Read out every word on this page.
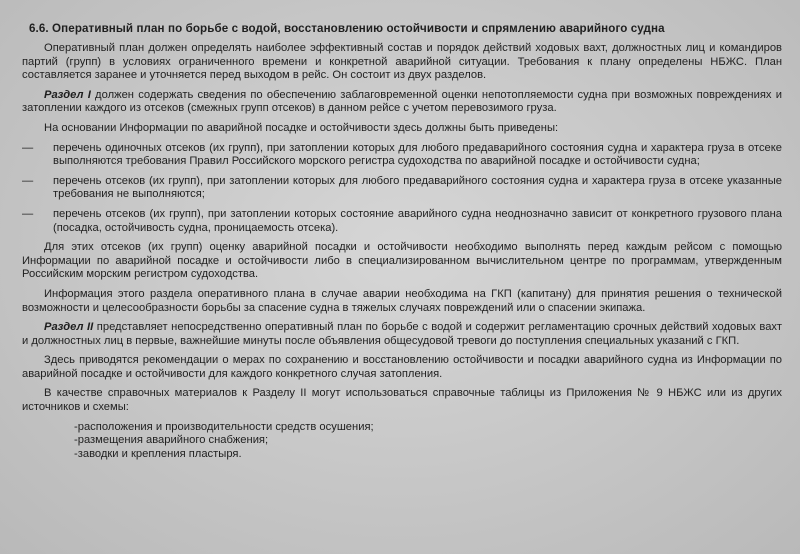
6.6. Оперативный план по борьбе с водой, восстановлению остойчивости и спрямлению аварийного судна

Оперативный план должен определять наиболее эффективный состав и порядок действий ходовых вахт, должностных лиц и командиров партий (групп) в условиях ограниченного времени и конкретной аварийной ситуации. Требования к плану определены НБЖС. План составляется заранее и уточняется перед выходом в рейс. Он состоит из двух разделов.

Раздел I должен содержать сведения по обеспечению заблаговременной оценки непотопляемости судна при возможных повреждениях и затоплении каждого из отсеков (смежных групп отсеков) в данном рейсе с учетом перевозимого груза.

На основании Информации по аварийной посадке и остойчивости здесь должны быть приведены:

—	перечень одиночных отсеков (их групп), при затоплении которых для любого предаварийного состояния судна и характера груза в отсеке выполняются требования Правил Российского морского регистра судоходства по аварийной посадке и остойчивости судна;
—	перечень отсеков (их групп), при затоплении которых для любого предаварийного состояния судна и характера груза в отсеке указанные требования не выполняются;
—	перечень отсеков (их групп), при затоплении которых состояние аварийного судна неоднозначно зависит от конкретного грузового плана (посадка, остойчивость судна, проницаемость отсека).

Для этих отсеков (их групп) оценку аварийной посадки и остойчивости необходимо выполнять перед каждым рейсом с помощью Информации по аварийной посадке и остойчивости либо в специализированном вычислительном центре по программам, утвержденным Российским морским регистром судоходства.

Информация этого раздела оперативного плана в случае аварии необходима на ГКП (капитану) для принятия решения о технической возможности и целесообразности борьбы за спасение судна в тяжелых случаях повреждений или о спасении экипажа.

Раздел II представляет непосредственно оперативный план по борьбе с водой и содержит регламентацию срочных действий ходовых вахт и должностных лиц в первые, важнейшие минуты после объявления общесудовой тревоги до поступления специальных указаний с ГКП.

Здесь приводятся рекомендации о мерах по сохранению и восстановлению остойчивости и посадки аварийного судна из Информации по аварийной посадке и остойчивости для каждого конкретного случая затопления.

В качестве справочных материалов к Разделу II могут использоваться справочные таблицы из Приложения № 9 НБЖС или из других источников и схемы:

-расположения и производительности средств осушения;
-размещения аварийного снабжения;
-заводки и крепления пластыря.
